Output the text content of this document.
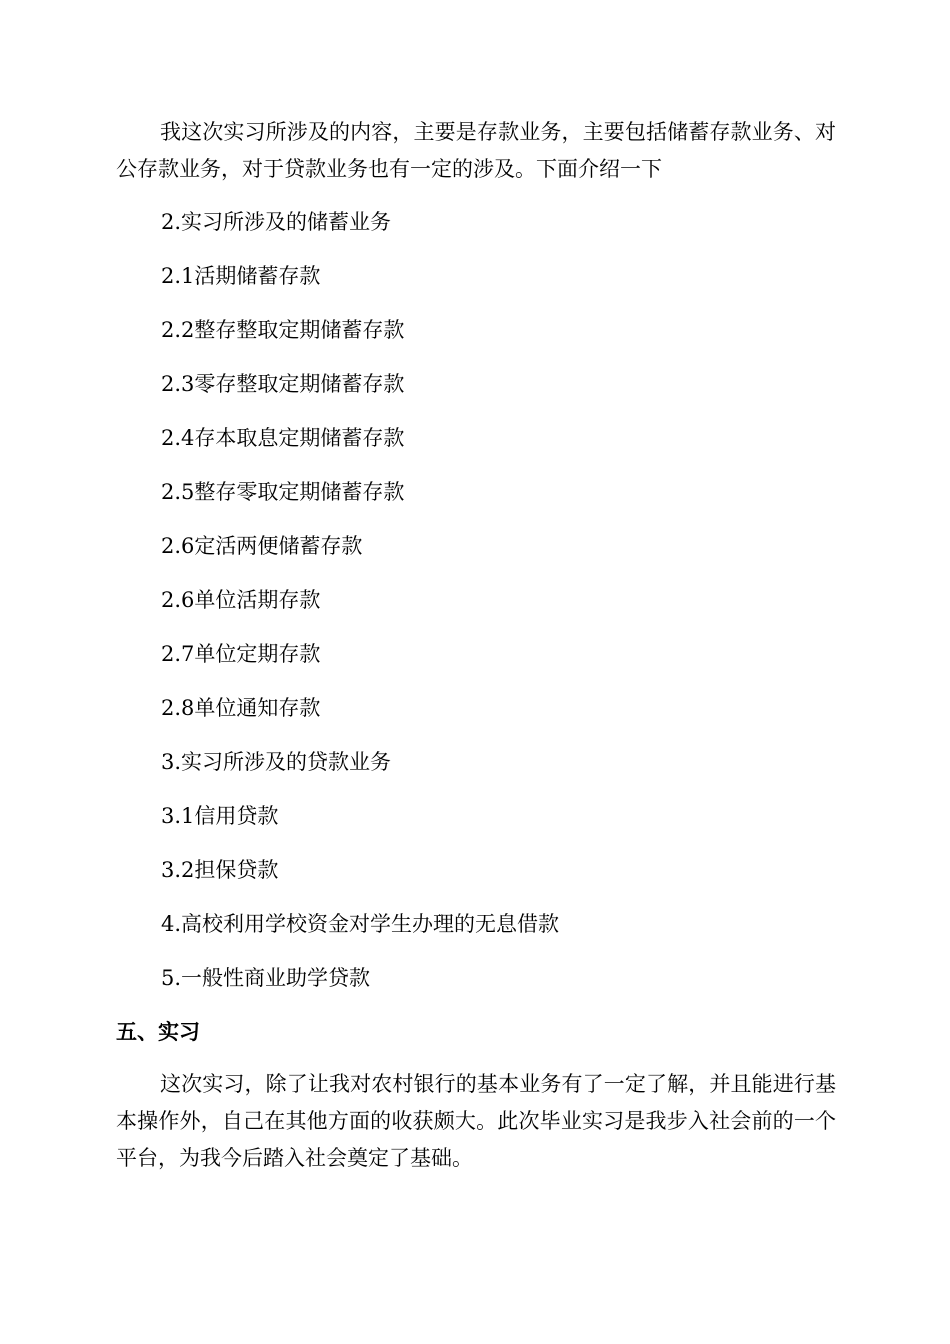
我这次实习所涉及的内容，主要是存款业务，主要包括储蓄存款业务、对公存款业务，对于贷款业务也有一定的涉及。下面介绍一下

2.实习所涉及的储蓄业务

2.1活期储蓄存款

2.2整存整取定期储蓄存款

2.3零存整取定期储蓄存款

2.4存本取息定期储蓄存款

2.5整存零取定期储蓄存款

2.6定活两便储蓄存款

2.6单位活期存款

2.7单位定期存款

2.8单位通知存款

3.实习所涉及的贷款业务

3.1信用贷款

3.2担保贷款

4.高校利用学校资金对学生办理的无息借款

5.一般性商业助学贷款

五、实习

这次实习，除了让我对农村银行的基本业务有了一定了解，并且能进行基本操作外，自己在其他方面的收获颇大。此次毕业实习是我步入社会前的一个平台，为我今后踏入社会奠定了基础。
